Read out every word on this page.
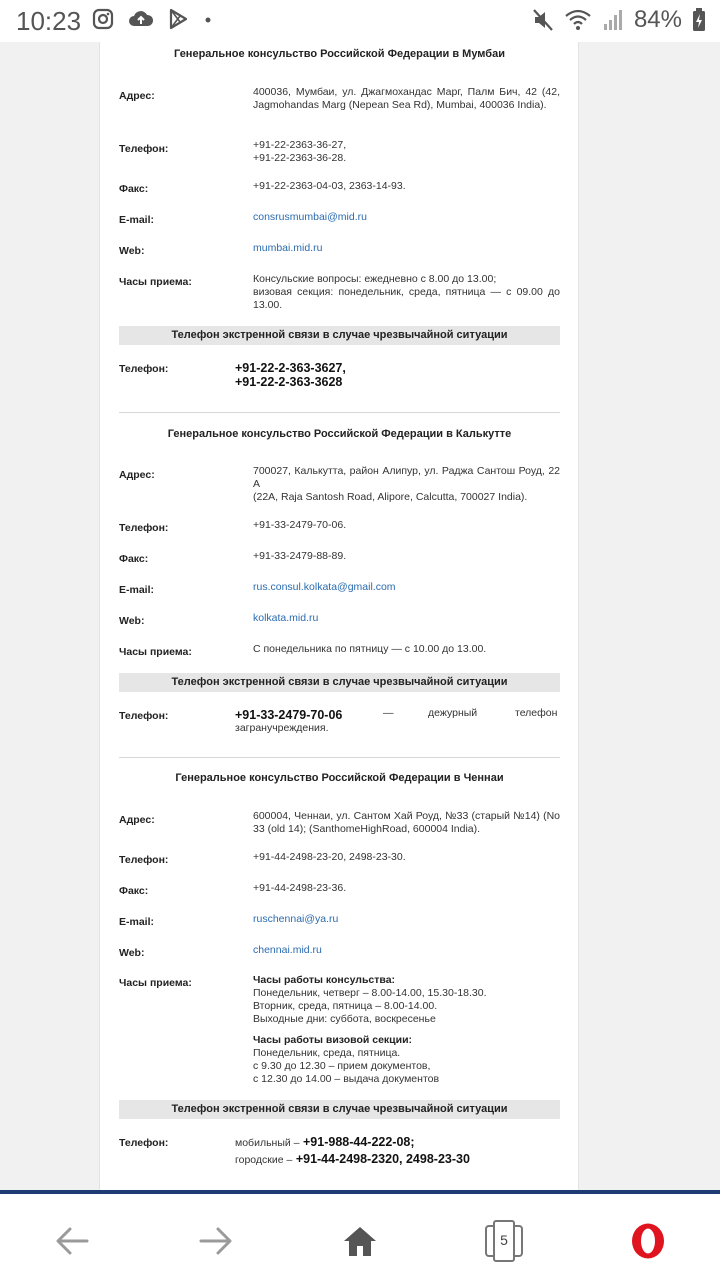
10:23	84%
Генеральное консульство Российской Федерации в Мумбаи
Адрес:	400036, Мумбаи, ул. Джагмохандас Марг, Палм Бич, 42 (42, Jagmohandas Marg (Nepean Sea Rd), Mumbai, 400036 India).
Телефон:	+91-22-2363-36-27,
+91-22-2363-36-28.
Факс:	+91-22-2363-04-03, 2363-14-93.
E-mail:	consrusmumbai@mid.ru
Web:	mumbai.mid.ru
Часы приема:	Консульские вопросы: ежедневно с 8.00 до 13.00;
визовая секция: понедельник, среда, пятница — с 09.00 до 13.00.
Телефон экстренной связи в случае чрезвычайной ситуации
Телефон:	+91-22-2-363-3627,
+91-22-2-363-3628
Генеральное консульство Российской Федерации в Калькутте
Адрес:	700027, Калькутта, район Алипур, ул. Раджа Сантош Роуд, 22 А
(22A, Raja Santosh Road, Alipore, Calcutta, 700027 India).
Телефон:	+91-33-2479-70-06.
Факс:	+91-33-2479-88-89.
E-mail:	rus.consul.kolkata@gmail.com
Web:	kolkata.mid.ru
Часы приема:	С понедельника по пятницу — с 10.00 до 13.00.
Телефон экстренной связи в случае чрезвычайной ситуации
Телефон:	+91-33-2479-70-06	—	дежурный	телефон
загранучреждения.
Генеральное консульство Российской Федерации в Ченнаи
Адрес:	600004, Ченнаи, ул. Сантом Хай Роуд, №33 (старый №14) (No 33 (old 14); (SanthomeHighRoad, 600004 India).
Телефон:	+91-44-2498-23-20, 2498-23-30.
Факс:	+91-44-2498-23-36.
E-mail:	ruschennai@ya.ru
Web:	chennai.mid.ru
Часы приема:	Часы работы консульства:
Понедельник, четверг – 8.00-14.00, 15.30-18.30.
Вторник, среда, пятница – 8.00-14.00.
Выходные дни: суббота, воскресенье
Часы работы визовой секции:
Понедельник, среда, пятница.
с 9.30 до 12.30 – прием документов,
с 12.30 до 14.00 – выдача документов
Телефон экстренной связи в случае чрезвычайной ситуации
Телефон:	мобильный – +91-988-44-222-08;
городские – +91-44-2498-2320, 2498-23-30
5
